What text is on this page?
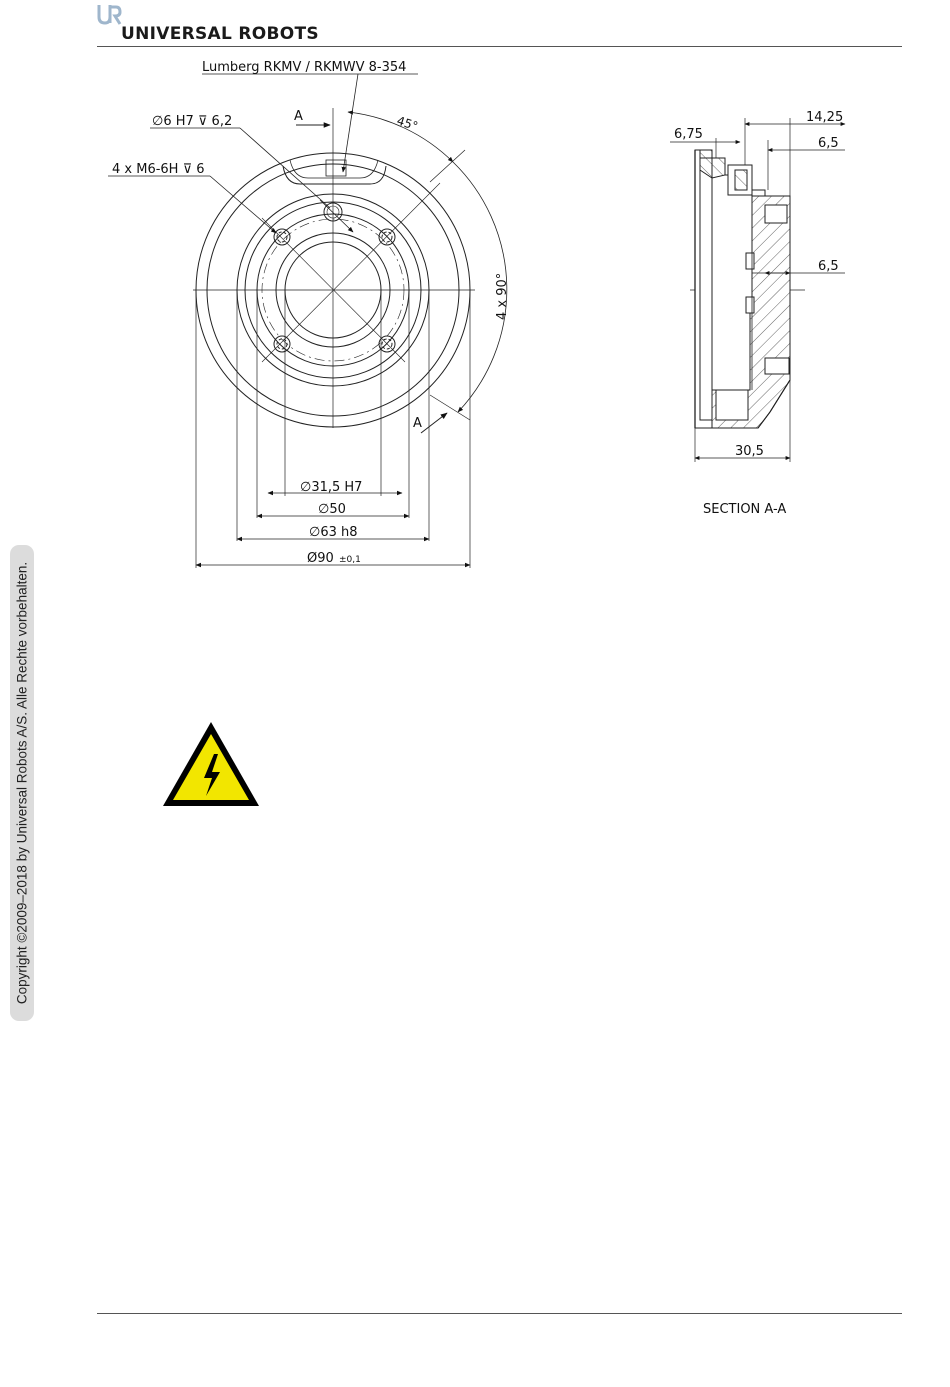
UNIVERSAL ROBOTS
Lumberg RKMV / RKMWV 8-354
∅6 H7 ⊽ 6,2
4 x M6-6H ⊽ 6
A
A
45°
4 x 90°
∅31,5 H7
∅50
∅63 h8
Ø90 ±0,1
14,25
6,75
6,5
6,5
30,5
SECTION A-A
Copyright ©2009–2018 by Universal Robots A/S. Alle Rechte vorbehalten.
